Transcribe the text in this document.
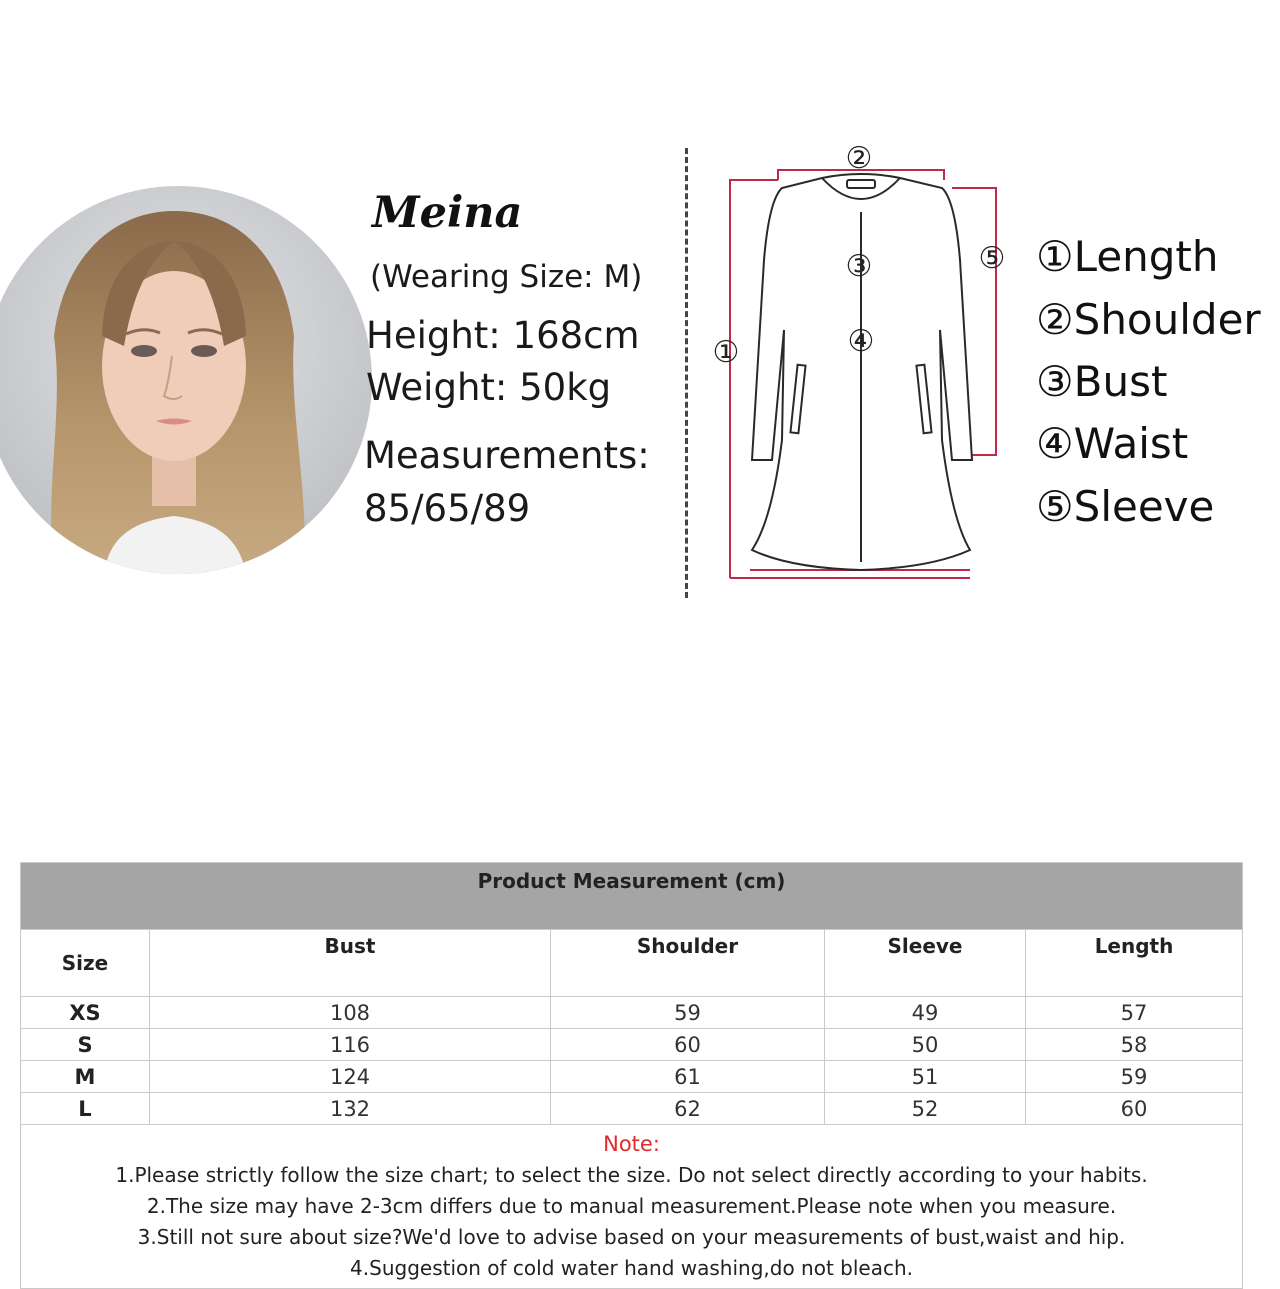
Meina
(Wearing Size: M)
Height: 168cm
Weight: 50kg
Measurements:
85/65/89
①
②
③
④
⑤ ①Length
②Shoulder
③Bust
④Waist
⑤Sleeve
Product Measurement (cm)				
Size	Bust	Shoulder	Sleeve	Length
XS	108	59	49	57
S	116	60	50	58
M	124	61	51	59
L	132	62	52	60

Note:
1.Please strictly follow the size chart; to select the size. Do not select directly according to your habits.
2.The size may have 2-3cm differs due to manual measurement.Please note when you measure.
3.Still not sure about size?We'd love to advise based on your measurements of bust,waist and hip.
4.Suggestion of cold water hand washing,do not bleach.				
